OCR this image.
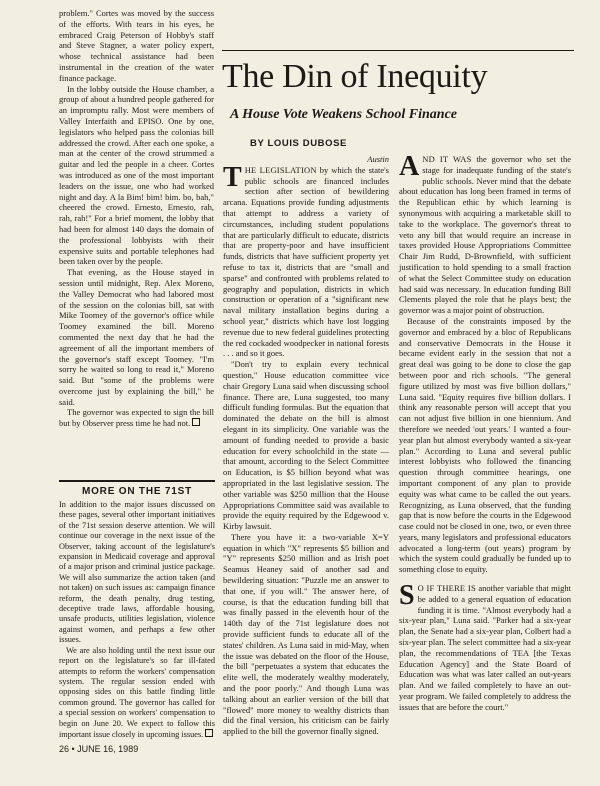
problem." Cortes was moved by the success of the efforts. With tears in his eyes, he embraced Craig Peterson of Hobby's staff and Steve Stagner, a water policy expert, whose technical assistance had been instrumental in the creation of the water finance package.

In the lobby outside the House chamber, a group of about a hundred people gathered for an impromptu rally. Most were members of Valley Interfaith and EPISO. One by one, legislators who helped pass the colonias bill addressed the crowd. After each one spoke, a man at the center of the crowd strummed a guitar and led the people in a cheer. Cortes was introduced as one of the most important leaders on the issue, one who had worked night and day. A la Bim! bim! bim. bo, bah," cheered the crowd. Ernesto, Ernesto, rah, rah, rah!" For a brief moment, the lobby that had been for almost 140 days the domain of the professional lobbyists with their expensive suits and portable telephones had been taken over by the people.

That evening, as the House stayed in session until midnight, Rep. Alex Moreno, the Valley Democrat who had labored most of the session on the colonias bill, sat with Mike Toomey of the governor's office while Toomey examined the bill. Moreno commented the next day that he had the agreement of all the important members of the governor's staff except Toomey. "I'm sorry he waited so long to read it," Moreno said. But "some of the problems were overcome just by explaining the bill," he said.

The governor was expected to sign the bill but by Observer press time he had not.

MORE ON THE 71ST

In addition to the major issues discussed on these pages, several other important initiatives of the 71st session deserve attention. We will continue our coverage in the next issue of the Observer, taking account of the legislature's expansion in Medicaid coverage and approval of a major prison and criminal justice package. We will also summarize the action taken (and not taken) on such issues as: campaign finance reform, the death penalty, drug testing, deceptive trade laws, affordable housing, unsafe products, utilities legislation, violence against women, and perhaps a few other issues.

We are also holding until the next issue our report on the legislature's so far ill-fated attempts to reform the workers' compensation system. The regular session ended with opposing sides on this battle finding little common ground. The governor has called for a special session on workers' compensation to begin on June 20. We expect to follow this important issue closely in upcoming issues.

The Din of Inequity
A House Vote Weakens School Finance
BY LOUIS DUBOSE
Austin

THE LEGISLATION by which the state's public schools are financed includes section after section of bewildering arcana. Equations provide funding adjustments that attempt to address a variety of circumstances, including student populations that are particularly difficult to educate, districts that are property-poor and have insufficient funds, districts that have sufficient property yet refuse to tax it, districts that are "small and sparse" and confronted with problems related to geography and population, districts in which construction or operation of a "significant new naval military installation begins during a school year," districts which have lost logging revenue due to new federal guidelines protecting the red cockaded woodpecker in national forests . . . and so it goes.

"Don't try to explain every technical question," House education committee vice chair Gregory Luna said when discussing school finance. There are, Luna suggested, too many difficult funding formulas. But the equation that dominated the debate on the bill is almost elegant in its simplicity. One variable was the amount of funding needed to provide a basic education for every schoolchild in the state — that amount, according to the Select Committee on Education, is $5 billion beyond what was appropriated in the last legislative session. The other variable was $250 million that the House Appropriations Committee said was available to provide the equity required by the Edgewood v. Kirby lawsuit.

There you have it: a two-variable X=Y equation in which "X" represents $5 billion and "Y" represents $250 million and as Irish poet Seamus Heaney said of another sad and bewildering situation: "Puzzle me an answer to that one, if you will." The answer here, of course, is that the education funding bill that was finally passed in the eleventh hour of the 140th day of the 71st legislature does not provide sufficient funds to educate all of the states' children. As Luna said in mid-May, when the issue was debated on the floor of the House, the bill "perpetuates a system that educates the elite well, the moderately wealthy moderately, and the poor poorly." And though Luna was talking about an earlier version of the bill that "flowed" more money to wealthy districts than did the final version, his criticism can be fairly applied to the bill the governor finally signed.

AND IT WAS the governor who set the stage for inadequate funding of the state's public schools. Never mind that the debate about education has long been framed in terms of the Republican ethic by which learning is synonymous with acquiring a marketable skill to take to the workplace. The governor's threat to veto any bill that would require an increase in taxes provided House Appropriations Committee Chair Jim Rudd, D-Brownfield, with sufficient justification to hold spending to a small fraction of what the Select Committee study on education had said was necessary. In education funding Bill Clements played the role that he plays best; the governor was a major point of obstruction.

Because of the constraints imposed by the governor and embraced by a bloc of Republicans and conservative Democrats in the House it became evident early in the session that not a great deal was going to be done to close the gap between poor and rich schools. "The general figure utilized by most was five billion dollars," Luna said. "Equity requires five billion dollars. I think any reasonable person will accept that you can not adjust five billion in one biennium. And therefore we needed 'out years.' I wanted a four-year plan but almost everybody wanted a six-year plan." According to Luna and several public interest lobbyists who followed the financing question through committee hearings, one important component of any plan to provide equity was what came to be called the out years. Recognizing, as Luna observed, that the funding gap that is now before the courts in the Edgewood case could not be closed in one, two, or even three years, many legislators and professional educators advocated a long-term (out years) program by which the system could gradually be funded up to something close to equity.

S O IF THERE IS another variable that might be added to a general equation of education funding it is time. "Almost everybody had a six-year plan," Luna said. "Parker had a six-year plan, the Senate had a six-year plan, Colbert had a six-year plan. The select committee had a six-year plan, the recommendations of TEA [the Texas Education Agency] and the State Board of Education was what was later called an out-years plan. And we failed completely to have an out-year program. We failed completely to address the issues that are before the court."

26 • JUNE 16, 1989
